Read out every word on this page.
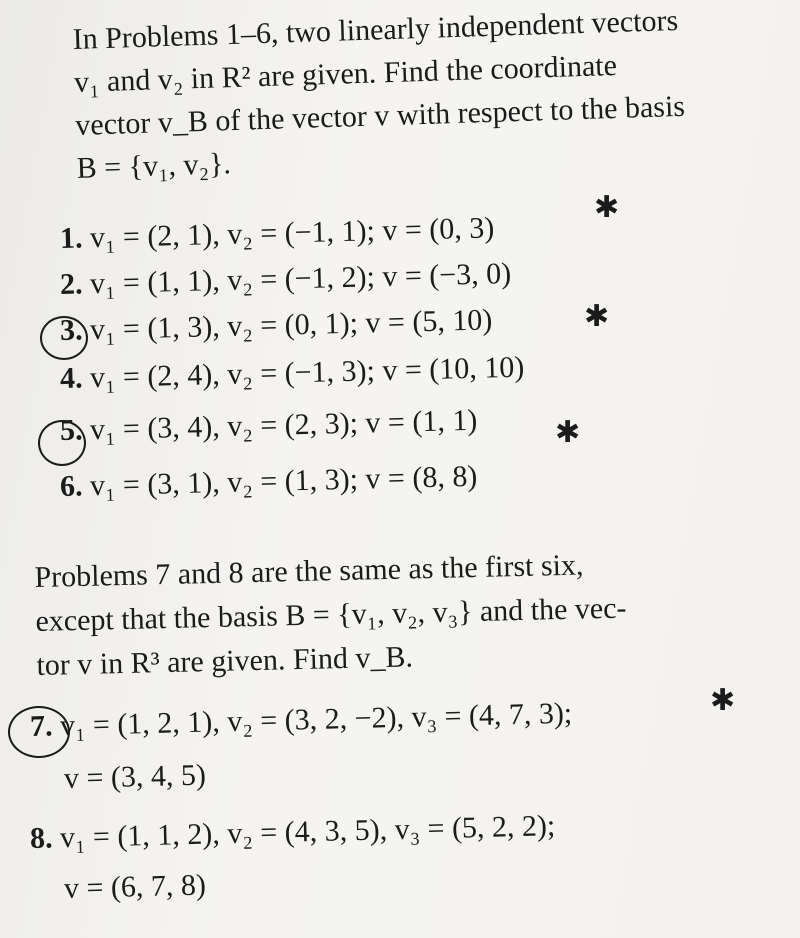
In Problems 1–6, two linearly independent vectors
v₁ and v₂ in R² are given. Find the coordinate
vector v_B of the vector v with respect to the basis
B = {v₁, v₂}.
1. v₁ = (2, 1), v₂ = (−1, 1); v = (0, 3)
✱
2. v₁ = (1, 1), v₂ = (−1, 2); v = (−3, 0)
3. v₁ = (1, 3), v₂ = (0, 1); v = (5, 10)	✱
4. v₁ = (2, 4), v₂ = (−1, 3); v = (10, 10)
5. v₁ = (3, 4), v₂ = (2, 3); v = (1, 1)	✱
6. v₁ = (3, 1), v₂ = (1, 3); v = (8, 8)
Problems 7 and 8 are the same as the first six,
except that the basis B = {v₁, v₂, v₃} and the vec-
tor v in R³ are given. Find v_B.
7. v₁ = (1, 2, 1), v₂ = (3, 2, −2), v₃ = (4, 7, 3);	✱
v = (3, 4, 5)
8. v₁ = (1, 1, 2), v₂ = (4, 3, 5), v₃ = (5, 2, 2);
v = (6, 7, 8)
